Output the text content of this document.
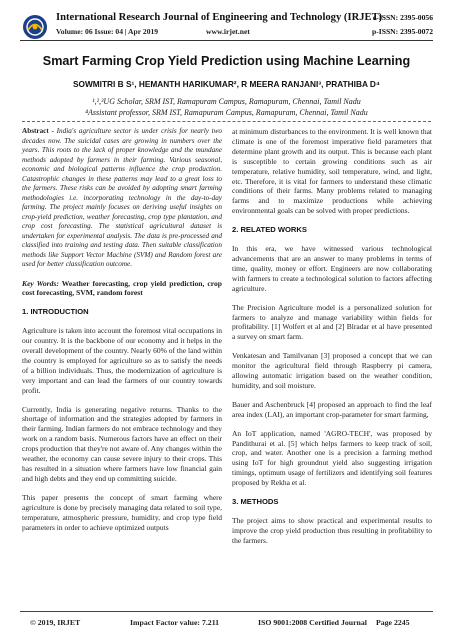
International Research Journal of Engineering and Technology (IRJET)
Volume: 06 Issue: 04 | Apr 2019	www.irjet.net
e-ISSN: 2395-0056
p-ISSN: 2395-0072
Smart Farming Crop Yield Prediction using Machine Learning
SOWMITRI B S¹, HEMANTH HARIKUMAR², R MEERA RANJANI³, PRATHIBA D⁴
¹,²,³UG Scholar, SRM IST, Ramapuram Campus, Ramapuram, Chennai, Tamil Nadu
⁴Assistant professor, SRM IST, Ramapuram Campus, Ramapuram, Chennai, Tamil Nadu

Abstract - India's agriculture sector is under crisis for nearly two decades now. The suicidal cases are growing in numbers over the years. This roots to the lack of proper knowledge and the mundane methods adopted by farmers in their farming. Various seasonal, economic and biological patterns influence the crop production. Catastrophic changes in these patterns may lead to a great loss to the farmers. These risks can be avoided by adopting smart farming methodologies i.e. incorporating technology in the day-to-day farming. The project mainly focuses on deriving useful insights on crop-yield prediction, weather forecasting, crop type plantation, and crop cost forecasting. The statistical agricultural dataset is undertaken for experimental analysis. The data is pre-processed and classified into training and testing data. Then suitable classification methods like Support Vector Machine (SVM) and Random forest are used for better classification outcome.

Key Words: Weather forecasting, crop yield prediction, crop cost forecasting, SVM, random forest

1. INTRODUCTION

Agriculture is taken into account the foremost vital occupations in our country. It is the backbone of our economy and it helps in the overall development of the country. Nearly 60% of the land within the country is employed for agriculture so as to satisfy the needs of a billion individuals. Thus, the modernization of agriculture is very important and can lead the farmers of our country towards profit.

Currently, India is generating negative returns. Thanks to the shortage of information and the strategies adopted by farmers in their farming. Indian farmers do not embrace technology and they work on a random basis. Numerous factors have an effect on their crops production that they're not aware of. Any changes within the weather, the economy can cause severe injury to their crops. This has resulted in a situation where farmers have low financial gain and high debts and they end up committing suicide.

This paper presents the concept of smart farming where agriculture is done by precisely managing data related to soil type, temperature, atmospheric pressure, humidity, and crop type field parameters in order to achieve optimized outputs

at minimum disturbances to the environment. It is well known that climate is one of the foremost imperative field parameters that determine plant growth and its output. This is because each plant is susceptible to certain growing conditions such as air temperature, relative humidity, soil temperature, wind, and light, etc. Therefore, it is vital for farmers to understand these climatic conditions of their farms. Many problems related to managing farms and to maximize productions while achieving environmental goals can be solved with proper predictions.

2. RELATED WORKS

In this era, we have witnessed various technological advancements that are an answer to many problems in terms of time, quality, money or effort. Engineers are now collaborating with farmers to create a technological solution to factors affecting agriculture.

The Precision Agriculture model is a personalized solution for farmers to analyze and manage variability within fields for profitability. [1] Wolfert et al and [2] Blradar et al have presented a survey on smart farm.

Venkatesan and Tamilvanan [3] proposed a concept that we can monitor the agricultural field through Raspberry pi camera, allowing automatic irrigation based on the weather condition, humidity, and soil moisture.

Bauer and Aschenbruck [4] proposed an approach to find the leaf area index (LAI), an important crop-parameter for smart farming,

An IoT application, named 'AGRO-TECH', was proposed by Pandithurai et al. [5] which helps farmers to keep track of soil, crop, and water. Another one is a precision a farming method using IoT for high groundnut yield also suggesting irrigation timings, optimum usage of fertilizers and identifying soil features proposed by Rekha et al.

3. METHODS

The project aims to show practical and experimental results to improve the crop yield production thus resulting in profitability to the farmers.

© 2019, IRJET	Impact Factor value: 7.211	ISO 9001:2008 Certified Journal Page 2245
